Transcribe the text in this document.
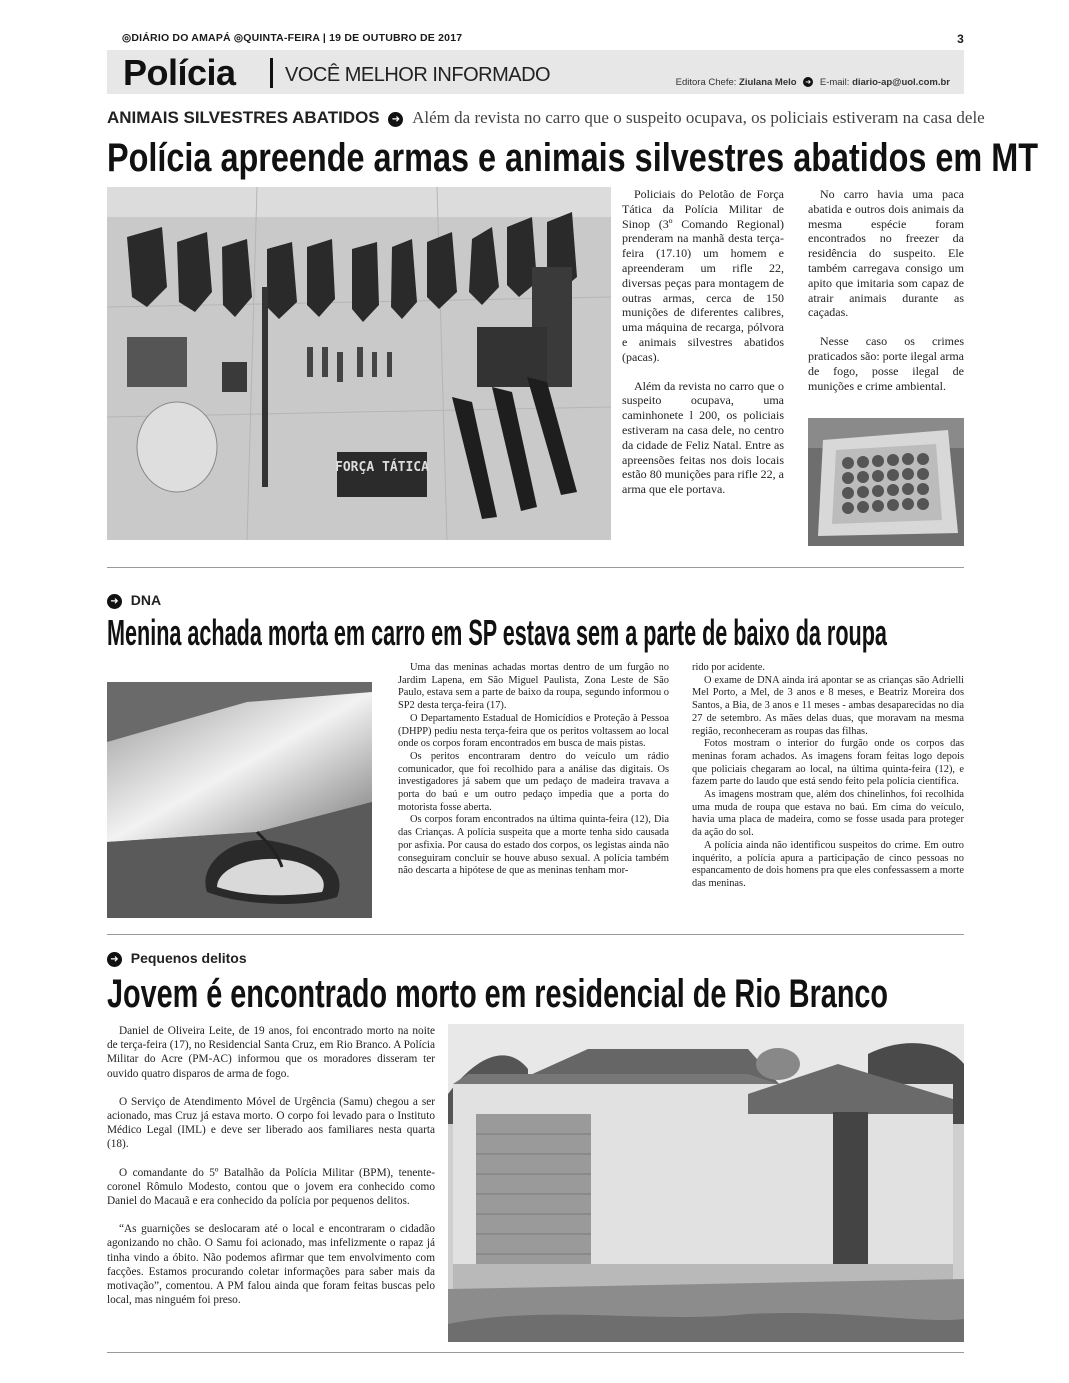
◎DIÁRIO DO AMAPÁ ◎QUINTA-FEIRA | 19 DE OUTUBRO DE 2017	3
Polícia VOCÊ MELHOR INFORMADO	Editora Chefe: Ziulana Melo ➜ E-mail: diario-ap@uol.com.br
ANIMAIS SILVESTRES ABATIDOS ➜ Além da revista no carro que o suspeito ocupava, os policiais estiveram na casa dele
Polícia apreende armas e animais silvestres abatidos em MT
FORÇA TÁTICA

Policiais do Pelotão de Força Tática da Polícia Militar de Sinop (3º Comando Regional) prenderam na manhã desta terça-feira (17.10) um homem e apreenderam um rifle 22, diversas peças para montagem de outras armas, cerca de 150 munições de diferentes calibres, uma máquina de recarga, pólvora e animais silvestres abatidos (pacas).

Além da revista no carro que o suspeito ocupava, uma caminhonete l 200, os policiais estiveram na casa dele, no centro da cidade de Feliz Natal. Entre as apreensões feitas nos dois locais estão 80 munições para rifle 22, a arma que ele portava.

No carro havia uma paca abatida e outros dois animais da mesma espécie foram encontrados no freezer da residência do suspeito. Ele também carregava consigo um apito que imitaria som capaz de atrair animais durante as caçadas.

Nesse caso os crimes praticados são: porte ilegal arma de fogo, posse ilegal de munições e crime ambiental.

➜ DNA
Menina achada morta em carro em SP estava sem a parte de baixo da roupa

Uma das meninas achadas mortas dentro de um furgão no Jardim Lapena, em São Miguel Paulista, Zona Leste de São Paulo, estava sem a parte de baixo da roupa, segundo informou o SP2 desta terça-feira (17).

O Departamento Estadual de Homicídios e Proteção à Pessoa (DHPP) pediu nesta terça-feira que os peritos voltassem ao local onde os corpos foram encontrados em busca de mais pistas.

Os peritos encontraram dentro do veículo um rádio comunicador, que foi recolhido para a análise das digitais. Os investigadores já sabem que um pedaço de madeira travava a porta do baú e um outro pedaço impedia que a porta do motorista fosse aberta.

Os corpos foram encontrados na última quinta-feira (12), Dia das Crianças. A polícia suspeita que a morte tenha sido causada por asfixia. Por causa do estado dos corpos, os legistas ainda não conseguiram concluir se houve abuso sexual. A polícia também não descarta a hipótese de que as meninas tenham mor-

rido por acidente.

O exame de DNA ainda irá apontar se as crianças são Adrielli Mel Porto, a Mel, de 3 anos e 8 meses, e Beatriz Moreira dos Santos, a Bia, de 3 anos e 11 meses - ambas desaparecidas no dia 27 de setembro. As mães delas duas, que moravam na mesma região, reconheceram as roupas das filhas.

Fotos mostram o interior do furgão onde os corpos das meninas foram achados. As imagens foram feitas logo depois que policiais chegaram ao local, na última quinta-feira (12), e fazem parte do laudo que está sendo feito pela polícia científica.

As imagens mostram que, além dos chinelinhos, foi recolhida uma muda de roupa que estava no baú. Em cima do veículo, havia uma placa de madeira, como se fosse usada para proteger da ação do sol.

A polícia ainda não identificou suspeitos do crime. Em outro inquérito, a polícia apura a participação de cinco pessoas no espancamento de dois homens pra que eles confessassem a morte das meninas.

➜ Pequenos delitos
Jovem é encontrado morto em residencial de Rio Branco

Daniel de Oliveira Leite, de 19 anos, foi encontrado morto na noite de terça-feira (17), no Residencial Santa Cruz, em Rio Branco. A Polícia Militar do Acre (PM-AC) informou que os moradores disseram ter ouvido quatro disparos de arma de fogo.

O Serviço de Atendimento Móvel de Urgência (Samu) chegou a ser acionado, mas Cruz já estava morto. O corpo foi levado para o Instituto Médico Legal (IML) e deve ser liberado aos familiares nesta quarta (18).

O comandante do 5º Batalhão da Polícia Militar (BPM), tenente-coronel Rômulo Modesto, contou que o jovem era conhecido como Daniel do Macauã e era conhecido da polícia por pequenos delitos.

“As guarnições se deslocaram até o local e encontraram o cidadão agonizando no chão. O Samu foi acionado, mas infelizmente o rapaz já tinha vindo a óbito. Não podemos afirmar que tem envolvimento com facções. Estamos procurando coletar informações para saber mais da motivação”, comentou. A PM falou ainda que foram feitas buscas pelo local, mas ninguém foi preso.
